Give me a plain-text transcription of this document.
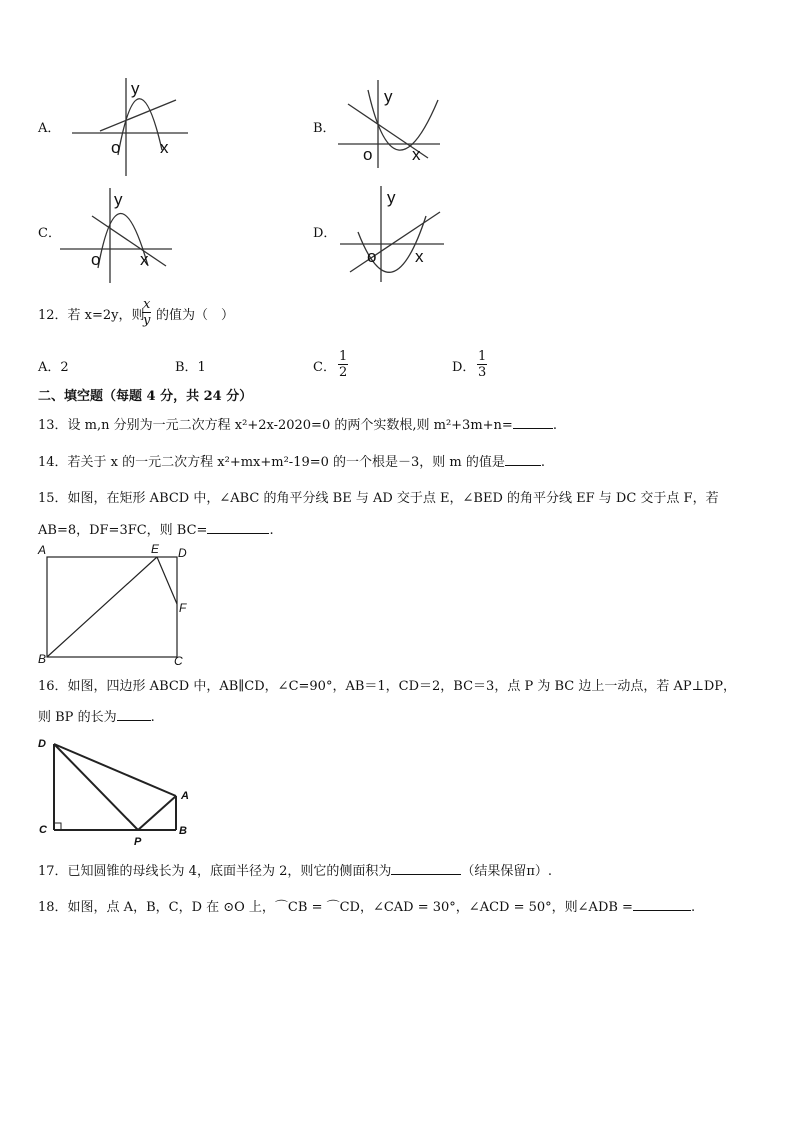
A．
y
x
o
y
x
o
y
x
o
y
x
o
B．
C．	D．
12．若 x=2y，则
$\frac{x}{y}$ 的值为（　）
A．2	B．1	C． $\frac{1}{2}$	D． $\frac{1}{3}$
二、填空题（每题 4 分，共 24 分）
13．设 m,n 分别为一元二次方程 x²+2x-2020=0 的两个实数根,则 m²+3m+n=	.
14．若关于 x 的一元二次方程 x²+mx+m²-19=0 的一个根是－3，则 m 的值是	.
15．如图，在矩形 ABCD 中，∠ABC 的角平分线 BE 与 AD 交于点 E，∠BED 的角平分线 EF 与 DC 交于点 F，若
AB=8，DF=3FC，则 BC=	.
A	E D
F
B	C
16．如图，四边形 ABCD 中，AB∥CD，∠C=90°，AB＝1，CD＝2，BC＝3，点 P 为 BC 边上一动点，若 AP⊥DP，
则 BP 的长为	.
D
A
C	B
P
17．已知圆锥的母线长为 4，底面半径为 2，则它的侧面积为	（结果保留π）.
18．如图，点 A，B，C，D 在 ⊙O 上，⌒CB = ⌒CD，∠CAD = 30°，∠ACD = 50°，则∠ADB =	.
